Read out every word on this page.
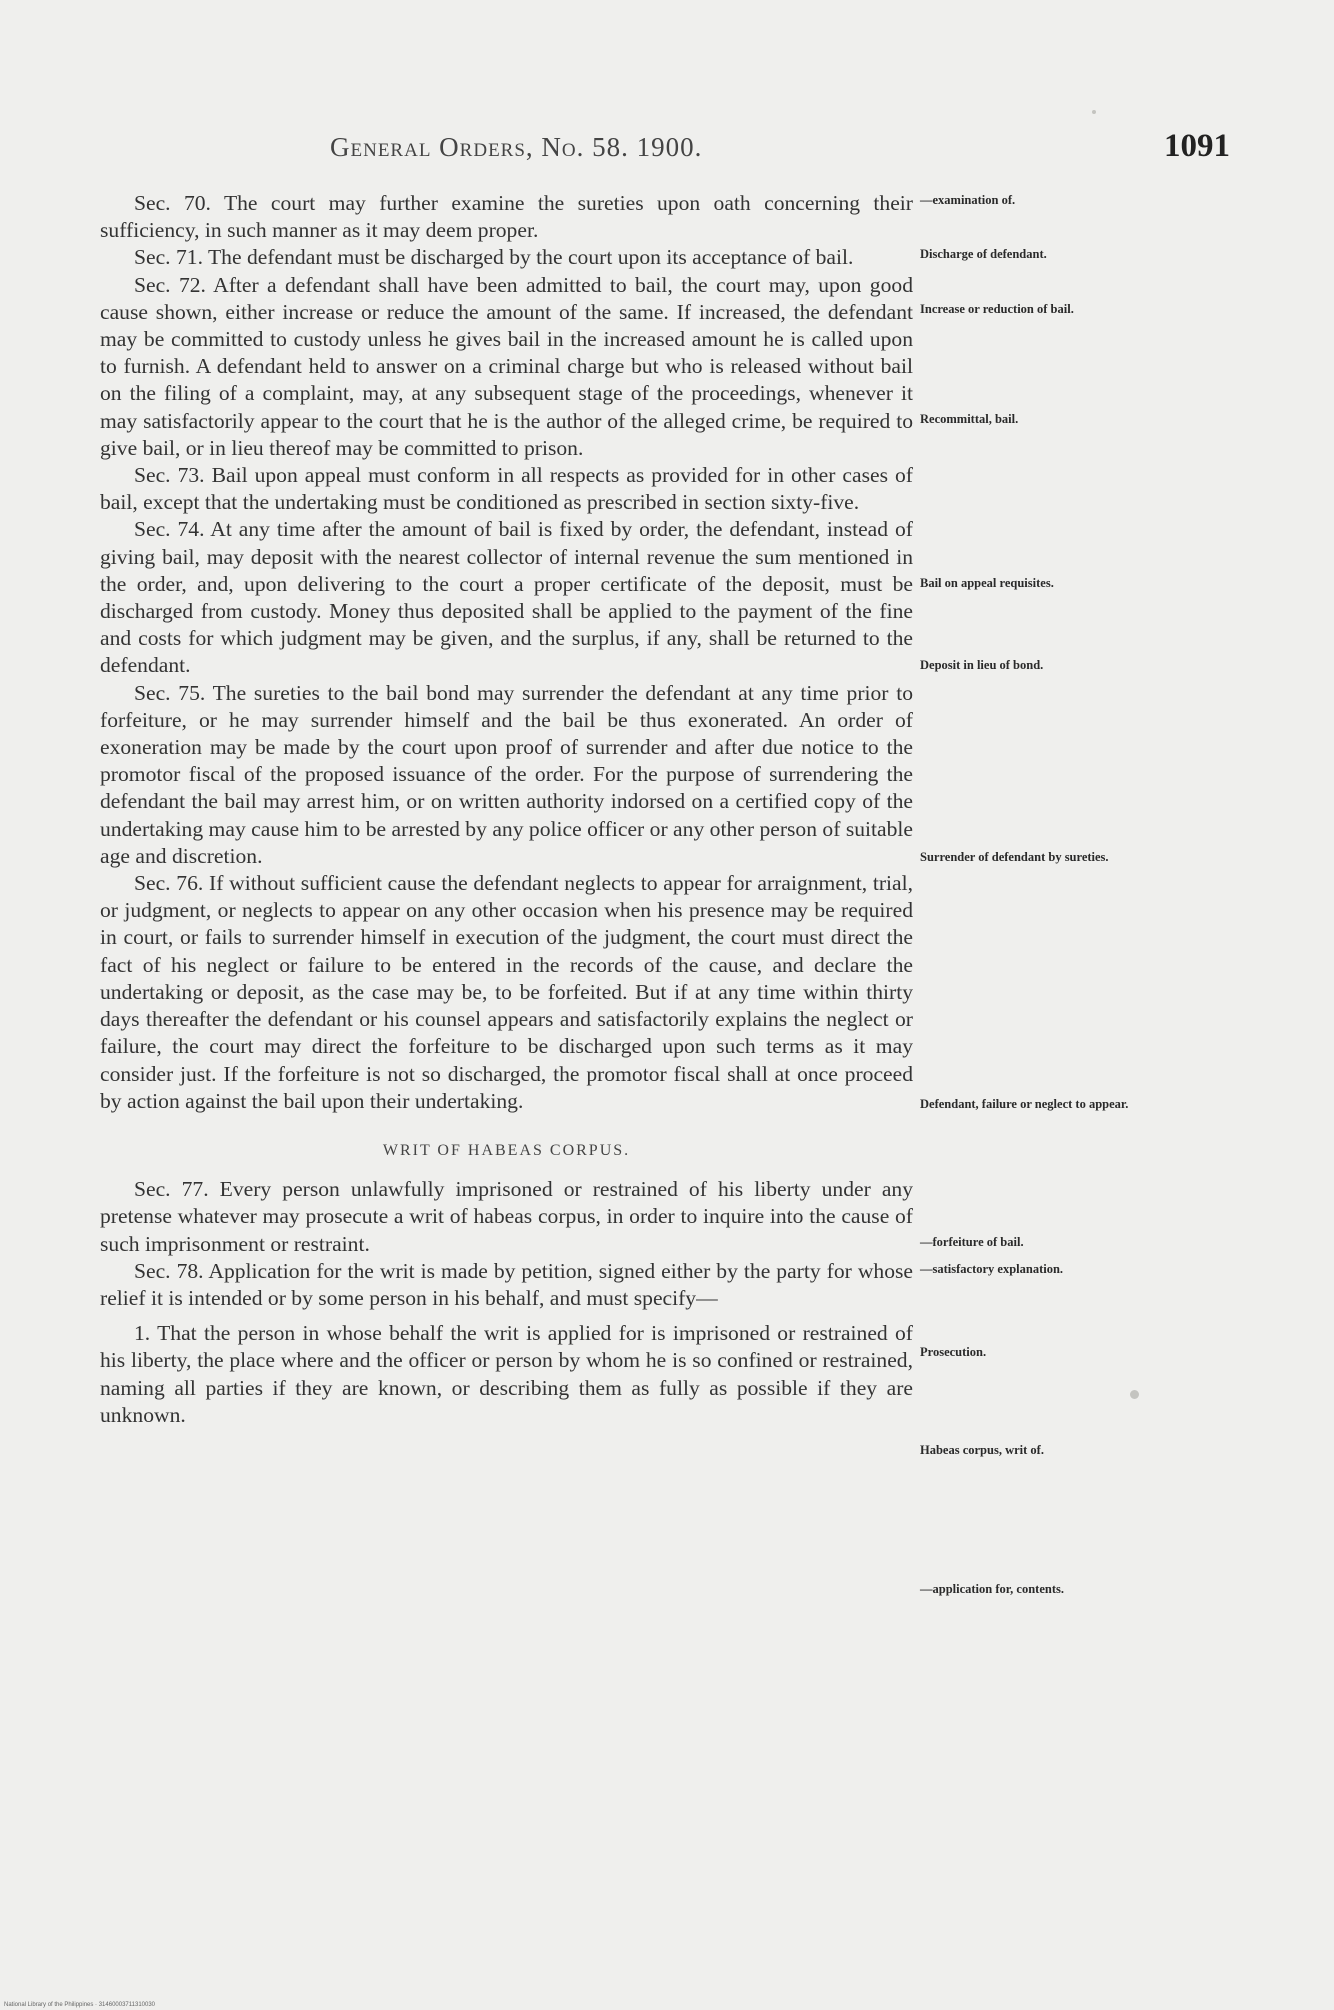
General Orders, No. 58. 1900.	1091

Sec. 70. The court may further examine the sureties upon oath concerning their sufficiency, in such manner as it may deem proper.

Sec. 71. The defendant must be discharged by the court upon its acceptance of bail.

Sec. 72. After a defendant shall have been admitted to bail, the court may, upon good cause shown, either increase or reduce the amount of the same. If increased, the defendant may be committed to custody unless he gives bail in the increased amount he is called upon to furnish. A defendant held to answer on a criminal charge but who is released without bail on the filing of a complaint, may, at any subsequent stage of the proceedings, whenever it may satisfactorily appear to the court that he is the author of the alleged crime, be required to give bail, or in lieu thereof may be committed to prison.

Sec. 73. Bail upon appeal must conform in all respects as provided for in other cases of bail, except that the undertaking must be conditioned as prescribed in section sixty-five.

Sec. 74. At any time after the amount of bail is fixed by order, the defendant, instead of giving bail, may deposit with the nearest collector of internal revenue the sum mentioned in the order, and, upon delivering to the court a proper certificate of the deposit, must be discharged from custody. Money thus deposited shall be applied to the payment of the fine and costs for which judgment may be given, and the surplus, if any, shall be returned to the defendant.

Sec. 75. The sureties to the bail bond may surrender the defendant at any time prior to forfeiture, or he may surrender himself and the bail be thus exonerated. An order of exoneration may be made by the court upon proof of surrender and after due notice to the promotor fiscal of the proposed issuance of the order. For the purpose of surrendering the defendant the bail may arrest him, or on written authority indorsed on a certified copy of the undertaking may cause him to be arrested by any police officer or any other person of suitable age and discretion.

Sec. 76. If without sufficient cause the defendant neglects to appear for arraignment, trial, or judgment, or neglects to appear on any other occasion when his presence may be required in court, or fails to surrender himself in execution of the judgment, the court must direct the fact of his neglect or failure to be entered in the records of the cause, and declare the undertaking or deposit, as the case may be, to be forfeited. But if at any time within thirty days thereafter the defendant or his counsel appears and satisfactorily explains the neglect or failure, the court may direct the forfeiture to be discharged upon such terms as it may consider just. If the forfeiture is not so discharged, the promotor fiscal shall at once proceed by action against the bail upon their undertaking.

WRIT OF HABEAS CORPUS.

Sec. 77. Every person unlawfully imprisoned or restrained of his liberty under any pretense whatever may prosecute a writ of habeas corpus, in order to inquire into the cause of such imprisonment or restraint.

Sec. 78. Application for the writ is made by petition, signed either by the party for whose relief it is intended or by some person in his behalf, and must specify—

1. That the person in whose behalf the writ is applied for is imprisoned or restrained of his liberty, the place where and the officer or person by whom he is so confined or restrained, naming all parties if they are known, or describing them as fully as possible if they are unknown.

—examination of.
Discharge of defendant.
Increase or reduction of bail.
Recommittal, bail.
Bail on appeal requisites.
Deposit in lieu of bond.
Surrender of defendant by sureties.
Defendant, failure or neglect to appear.
—forfeiture of bail.
—satisfactory explanation.
Prosecution.
Habeas corpus, writ of.
—application for, contents.
National Library of the Philippines · 31460003711310030
